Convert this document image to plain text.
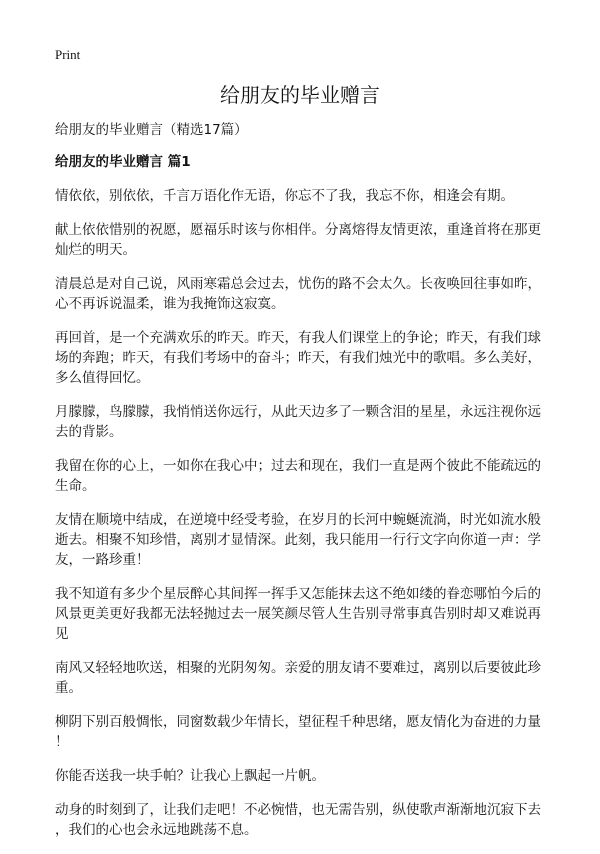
Print
给朋友的毕业赠言
给朋友的毕业赠言（精选17篇）
给朋友的毕业赠言 篇1
情依依，别依依，千言万语化作无语，你忘不了我，我忘不你，相逢会有期。
献上依依惜别的祝愿，愿福乐时该与你相伴。分离熔得友情更浓，重逢首将在那更
灿烂的明天。
清晨总是对自己说，风雨寒霜总会过去，忧伤的路不会太久。长夜唤回往事如昨，
心不再诉说温柔，谁为我掩饰这寂寞。
再回首，是一个充满欢乐的昨天。昨天，有我人们课堂上的争论；昨天，有我们球
场的奔跑；昨天，有我们考场中的奋斗；昨天，有我们烛光中的歌唱。多么美好，
多么值得回忆。
月朦朦，鸟朦朦，我悄悄送你远行，从此天边多了一颗含泪的星星，永远注视你远
去的背影。
我留在你的心上，一如你在我心中；过去和现在，我们一直是两个彼此不能疏远的
生命。
友情在顺境中结成，在逆境中经受考验，在岁月的长河中蜿蜒流淌，时光如流水般
逝去。相聚不知珍惜，离别才显情深。此刻，我只能用一行行文字向你道一声：学
友，一路珍重！
我不知道有多少个星辰醉心其间挥一挥手又怎能抹去这不绝如缕的眷恋哪怕今后的
风景更美更好我都无法轻抛过去一展笑颜尽管人生告别寻常事真告别时却又难说再
见
南风又轻轻地吹送，相聚的光阴匆匆。亲爱的朋友请不要难过，离别以后要彼此珍
重。
柳阴下别百般惆怅，同窗数载少年情长，望征程千种思绪，愿友情化为奋进的力量
！
你能否送我一块手帕？让我心上飘起一片帆。
动身的时刻到了，让我们走吧！不必惋惜，也无需告别，纵使歌声渐渐地沉寂下去
，我们的心也会永远地跳荡不息。
